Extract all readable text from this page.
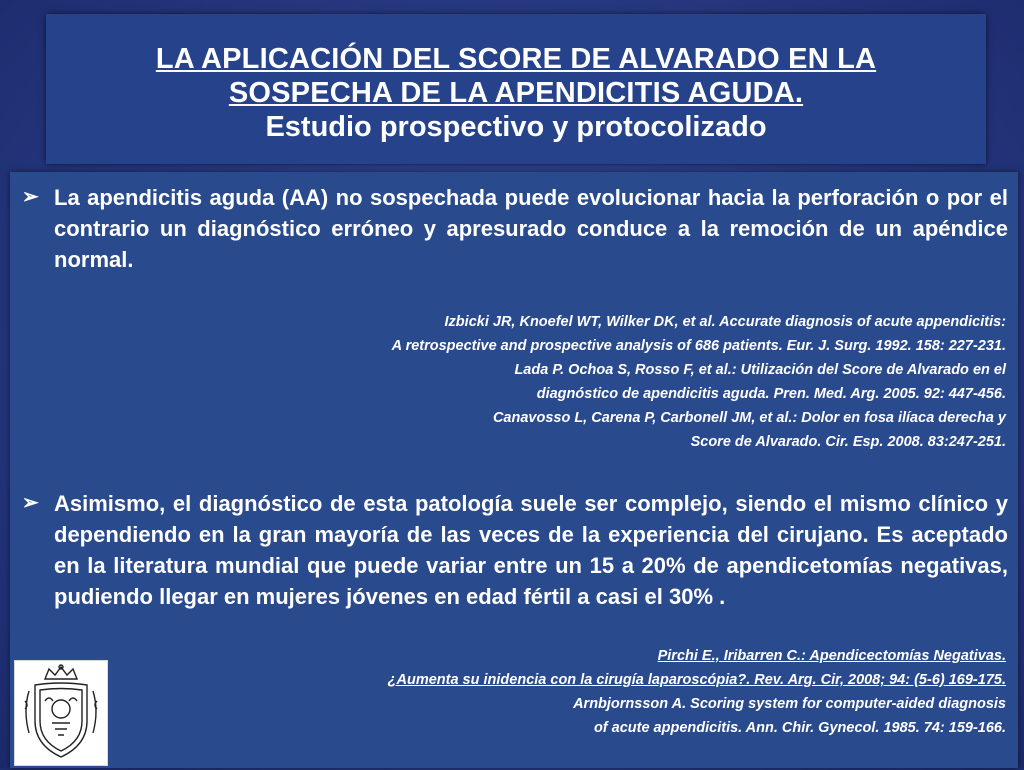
LA APLICACIÓN DEL SCORE DE ALVARADO EN LA
SOSPECHA DE LA APENDICITIS AGUDA.
Estudio prospectivo y protocolizado
➢ La apendicitis aguda (AA) no sospechada puede evolucionar hacia la perforación o por el contrario un diagnóstico erróneo y apresurado conduce a la remoción de un apéndice normal.
Izbicki JR, Knoefel WT, Wilker DK, et al. Accurate diagnosis of acute appendicitis:
A retrospective and prospective analysis of 686 patients. Eur. J. Surg. 1992. 158: 227-231.
Lada P. Ochoa S, Rosso F, et al.: Utilización del Score de Alvarado en el
diagnóstico de apendicitis aguda. Pren. Med. Arg. 2005. 92: 447-456.
Canavosso L, Carena P, Carbonell JM, et al.: Dolor en fosa ilíaca derecha y
Score de Alvarado. Cir. Esp. 2008. 83:247-251.
➢ Asimismo, el diagnóstico de esta patología suele ser complejo, siendo el mismo clínico y dependiendo en la gran mayoría de las veces de la experiencia del cirujano. Es aceptado en la literatura mundial que puede variar entre un 15 a 20% de apendicetomías negativas, pudiendo llegar en mujeres jóvenes en edad fértil a casi el 30% .
Pirchi E., Iribarren C.: Apendicectomías Negativas.
¿Aumenta su inidencia con la cirugía laparoscópia?. Rev. Arg. Cir, 2008; 94: (5-6) 169-175.
Arnbjornsson A. Scoring system for computer-aided diagnosis
of acute appendicitis. Ann. Chir. Gynecol. 1985. 74: 159-166.
